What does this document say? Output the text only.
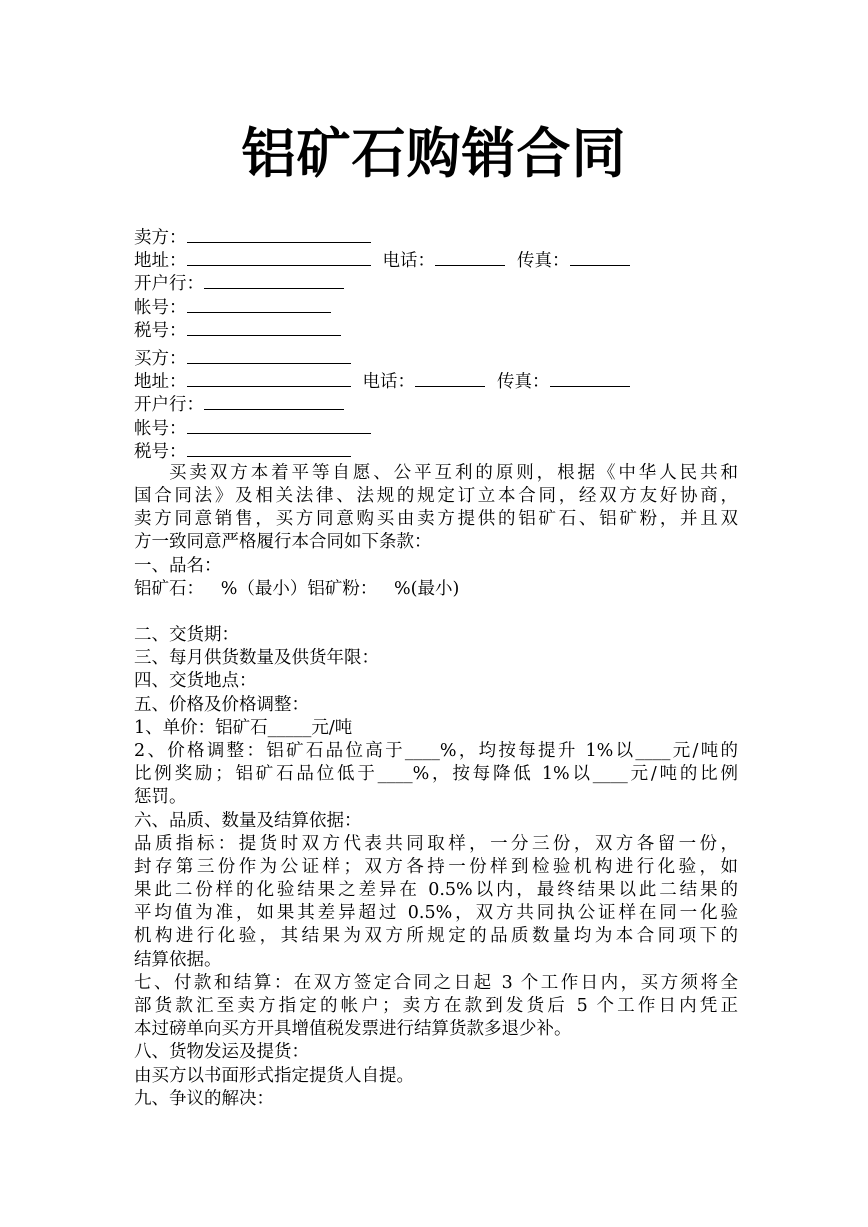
铝矿石购销合同
卖方：
地址：	电话：	传真：
开户行：
帐号：
税号：
买方：
地址：	电话：	传真：
开户行：
帐号：
税号：
买卖双方本着平等自愿、公平互利的原则，根据《中华人民共和
国合同法》及相关法律、法规的规定订立本合同，经双方友好协商，
卖方同意销售，买方同意购买由卖方提供的铝矿石、铝矿粉，并且双
方一致同意严格履行本合同如下条款：
一、品名：
铝矿石：   %（最小）铝矿粉：   %(最小)
二、交货期：
三、每月供货数量及供货年限：
四、交货地点：
五、价格及价格调整：
1、单价：铝矿石_____元/吨
2、价格调整：铝矿石品位高于____%，均按每提升 1%以____元/吨的
比例奖励；铝矿石品位低于____%，按每降低 1%以____元/吨的比例
惩罚。
六、品质、数量及结算依据：
品质指标：提货时双方代表共同取样，一分三份，双方各留一份，
封存第三份作为公证样；双方各持一份样到检验机构进行化验，如
果此二份样的化验结果之差异在 0.5%以内，最终结果以此二结果的
平均值为准，如果其差异超过 0.5%，双方共同执公证样在同一化验
机构进行化验，其结果为双方所规定的品质数量均为本合同项下的
结算依据。
七、付款和结算：在双方签定合同之日起 3 个工作日内，买方须将全
部货款汇至卖方指定的帐户；卖方在款到发货后 5 个工作日内凭正
本过磅单向买方开具增值税发票进行结算货款多退少补。
八、货物发运及提货：
由买方以书面形式指定提货人自提。
九、争议的解决：
